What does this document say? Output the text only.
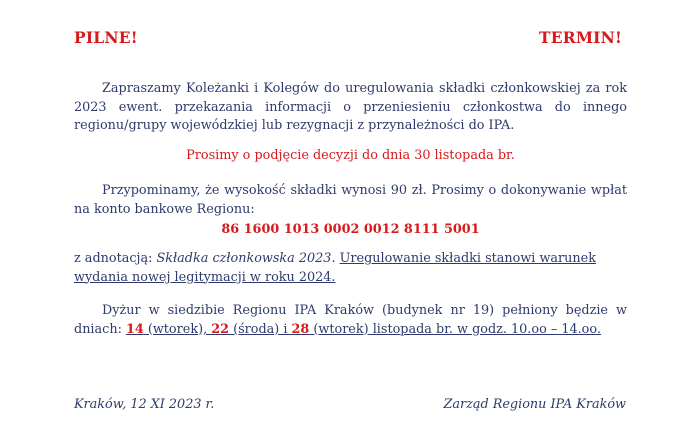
PILNE!	TERMIN!
Zapraszamy Koleżanki i Kolegów do uregulowania składki członkowskiej za rok 2023 ewent. przekazania informacji o przeniesieniu członkostwa do innego regionu/grupy wojewódzkiej lub rezygnacji z przynależności do IPA.
Prosimy o podjęcie decyzji do dnia 30 listopada br.
Przypominamy, że wysokość składki wynosi 90 zł. Prosimy o dokonywanie wpłat na konto bankowe Regionu:
86 1600 1013 0002 0012 8111 5001
z adnotacją: Składka członkowska 2023. Uregulowanie składki stanowi warunek wydania nowej legitymacji w roku 2024.
Dyżur w siedzibie Regionu IPA Kraków (budynek nr 19) pełniony będzie w dniach: 14 (wtorek), 22 (środa) i 28 (wtorek) listopada br. w godz. 10.oo – 14.oo.
Kraków, 12 XI 2023 r.	Zarząd Regionu IPA Kraków
